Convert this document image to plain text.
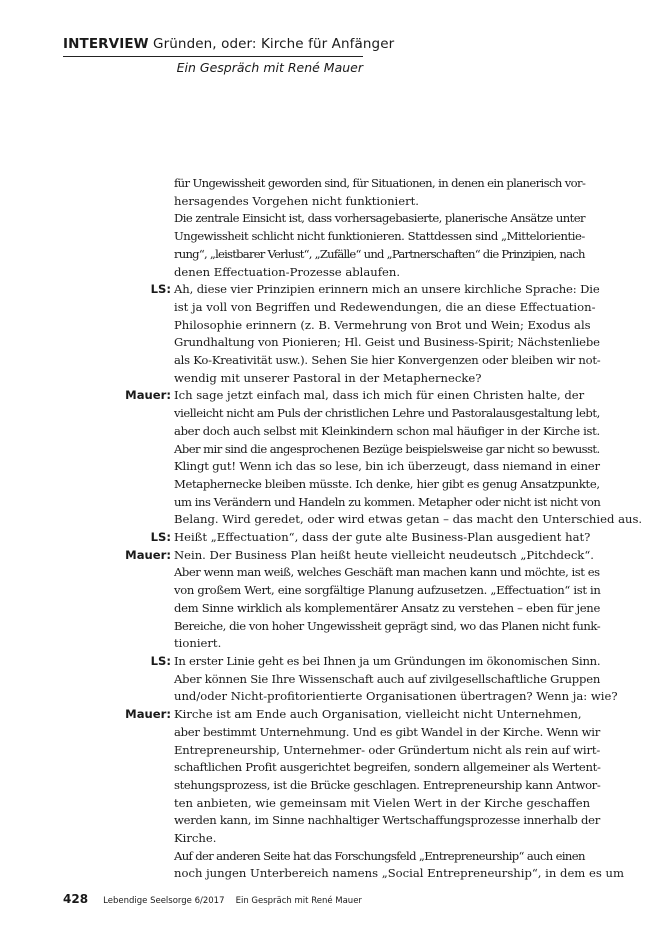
INTERVIEW Gründen, oder: Kirche für Anfänger
Ein Gespräch mit René Mauer
für Ungewissheit geworden sind, für Situationen, in denen ein planerisch vor-
hersagendes Vorgehen nicht funktioniert.
Die zentrale Einsicht ist, dass vorhersagebasierte, planerische Ansätze unter
Ungewissheit schlicht nicht funktionieren. Stattdessen sind „Mittelorientie-
rung“, „leistbarer Verlust“, „Zufälle“ und „Partnerschaften“ die Prinzipien, nach
denen Effectuation-Prozesse ablaufen.
LS: Ah, diese vier Prinzipien erinnern mich an unsere kirchliche Sprache: Die
ist ja voll von Begriffen und Redewendungen, die an diese Effectuation-
Philosophie erinnern (z. B. Vermehrung von Brot und Wein; Exodus als
Grundhaltung von Pionieren; Hl. Geist und Business-Spirit; Nächstenliebe
als Ko-Kreativität usw.). Sehen Sie hier Konvergenzen oder bleiben wir not-
wendig mit unserer Pastoral in der Metaphernecke?
Mauer: Ich sage jetzt einfach mal, dass ich mich für einen Christen halte, der
vielleicht nicht am Puls der christlichen Lehre und Pastoralausgestaltung lebt,
aber doch auch selbst mit Kleinkindern schon mal häufiger in der Kirche ist.
Aber mir sind die angesprochenen Bezüge beispielsweise gar nicht so bewusst.
Klingt gut! Wenn ich das so lese, bin ich überzeugt, dass niemand in einer
Metaphernecke bleiben müsste. Ich denke, hier gibt es genug Ansatzpunkte,
um ins Verändern und Handeln zu kommen. Metapher oder nicht ist nicht von
Belang. Wird geredet, oder wird etwas getan – das macht den Unterschied aus.
LS: Heißt „Effectuation“, dass der gute alte Business-Plan ausgedient hat?
Mauer: Nein. Der Business Plan heißt heute vielleicht neudeutsch „Pitchdeck“.
Aber wenn man weiß, welches Geschäft man machen kann und möchte, ist es
von großem Wert, eine sorgfältige Planung aufzusetzen. „Effectuation“ ist in
dem Sinne wirklich als komplementärer Ansatz zu verstehen – eben für jene
Bereiche, die von hoher Ungewissheit geprägt sind, wo das Planen nicht funk-
tioniert.
LS: In erster Linie geht es bei Ihnen ja um Gründungen im ökonomischen Sinn.
Aber können Sie Ihre Wissenschaft auch auf zivilgesellschaftliche Gruppen
und/oder Nicht-profitorientierte Organisationen übertragen? Wenn ja: wie?
Mauer: Kirche ist am Ende auch Organisation, vielleicht nicht Unternehmen,
aber bestimmt Unternehmung. Und es gibt Wandel in der Kirche. Wenn wir
Entrepreneurship, Unternehmer- oder Gründertum nicht als rein auf wirt-
schaftlichen Profit ausgerichtet begreifen, sondern allgemeiner als Wertent-
stehungsprozess, ist die Brücke geschlagen. Entrepreneurship kann Antwor-
ten anbieten, wie gemeinsam mit Vielen Wert in der Kirche geschaffen
werden kann, im Sinne nachhaltiger Wertschaffungsprozesse innerhalb der
Kirche.
Auf der anderen Seite hat das Forschungsfeld „Entrepreneurship“ auch einen
noch jungen Unterbereich namens „Social Entrepreneurship“, in dem es um
428 Lebendige Seelsorge 6/2017 Ein Gespräch mit René Mauer
